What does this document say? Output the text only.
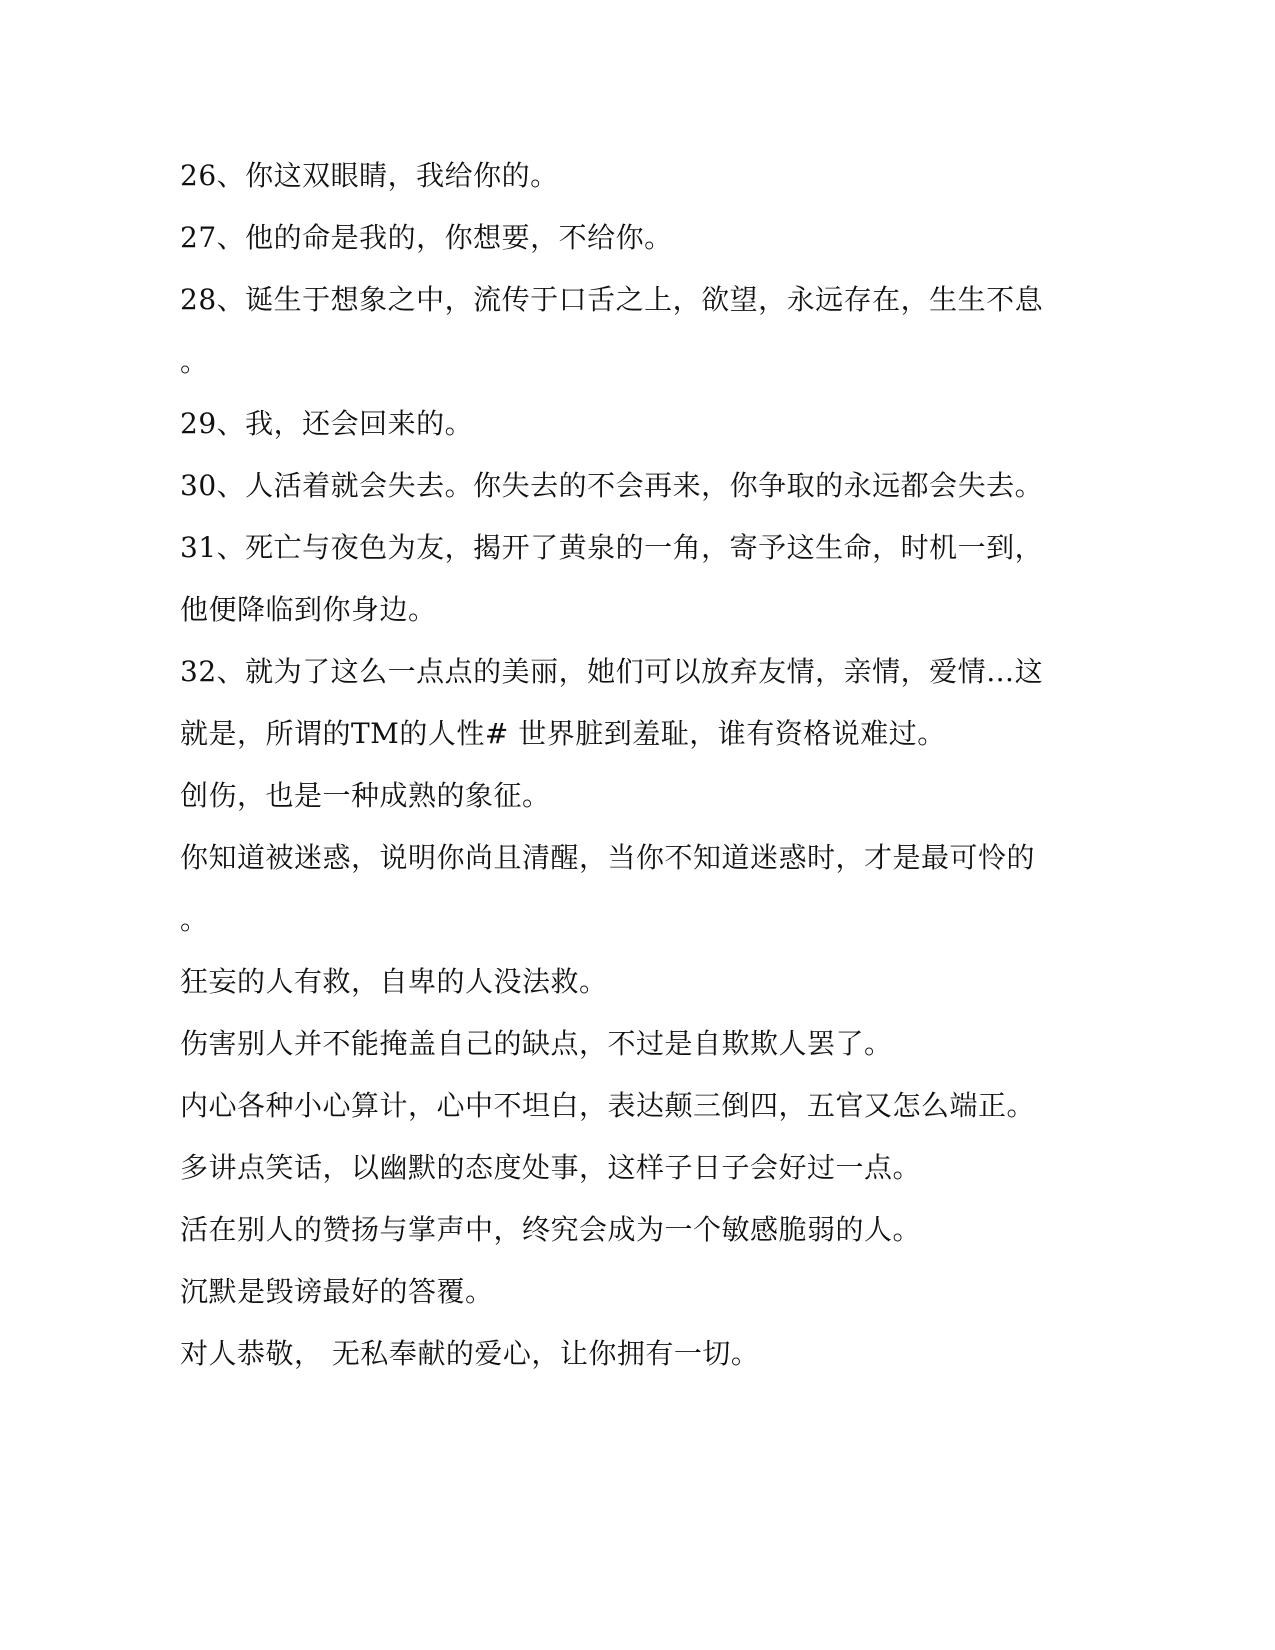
26、你这双眼睛，我给你的。
27、他的命是我的，你想要，不给你。
28、诞生于想象之中，流传于口舌之上，欲望，永远存在，生生不息
。
29、我，还会回来的。
30、人活着就会失去。你失去的不会再来，你争取的永远都会失去。
31、死亡与夜色为友，揭开了黄泉的一角，寄予这生命，时机一到，
他便降临到你身边。
32、就为了这么一点点的美丽，她们可以放弃友情，亲情，爱情…这
就是，所谓的TM的人性# 世界脏到羞耻，谁有资格说难过。
创伤，也是一种成熟的象征。
你知道被迷惑，说明你尚且清醒，当你不知道迷惑时，才是最可怜的
。
狂妄的人有救，自卑的人没法救。
伤害别人并不能掩盖自己的缺点，不过是自欺欺人罢了。
内心各种小心算计，心中不坦白，表达颠三倒四，五官又怎么端正。
多讲点笑话，以幽默的态度处事，这样子日子会好过一点。
活在别人的赞扬与掌声中，终究会成为一个敏感脆弱的人。
沉默是毁谤最好的答覆。
对人恭敬， 无私奉献的爱心，让你拥有一切。
